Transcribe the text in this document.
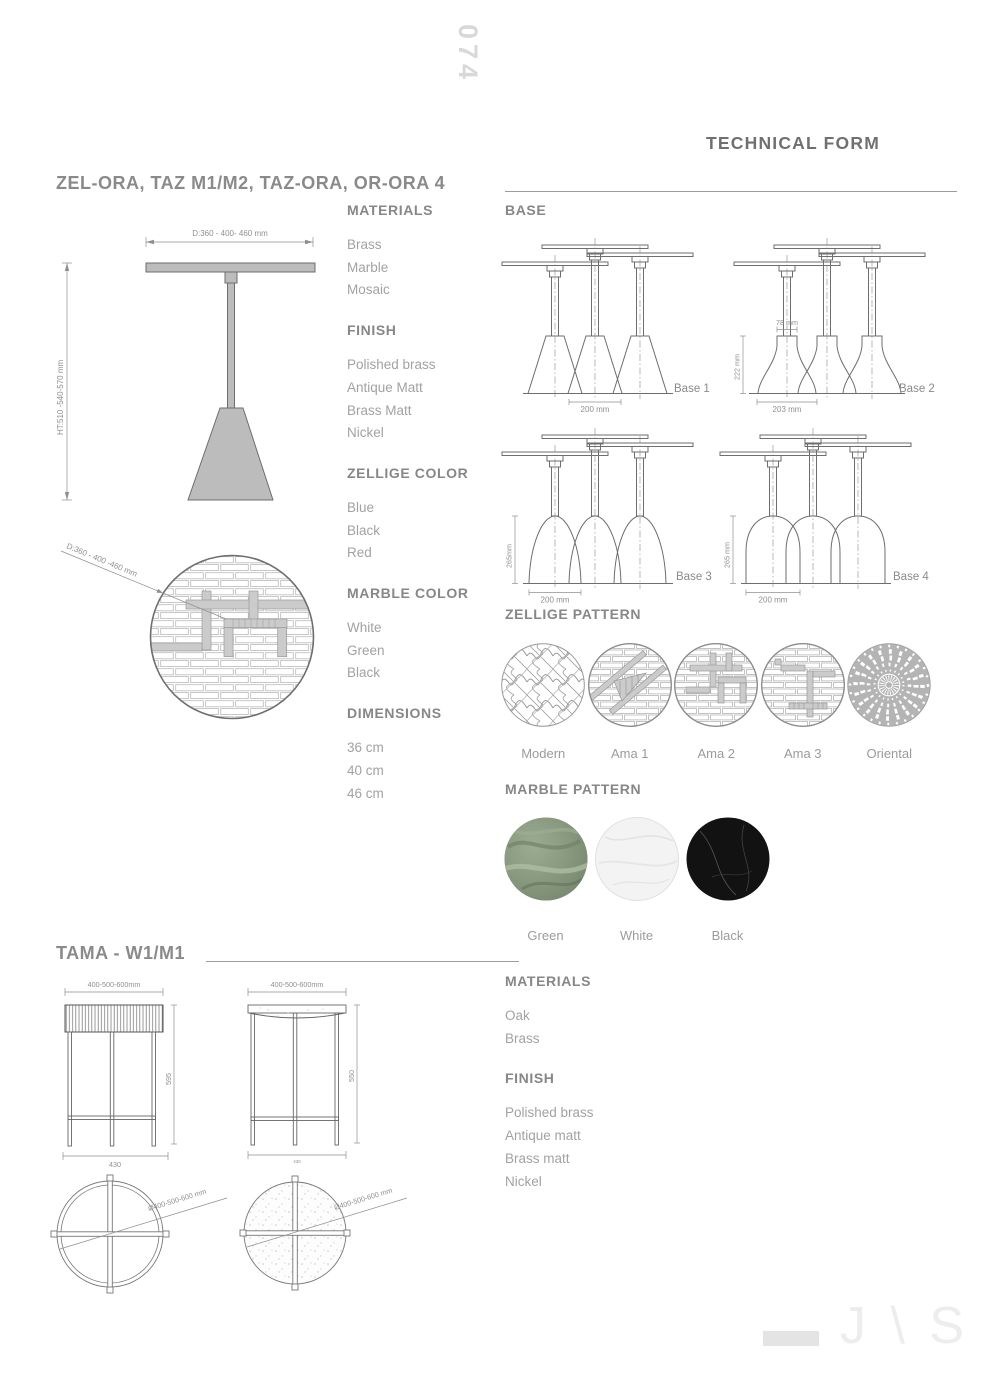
074
TECHNICAL FORM
ZEL-ORA, TAZ M1/M2, TAZ-ORA, OR-ORA 4
D:360 - 400- 460 mm
HT:510 -540-570 mm
D:360 - 400 -460 mm
MATERIALS
Brass
Marble
Mosaic
FINISH
Polished brass
Antique Matt
Brass Matt
Nickel
ZELLIGE COLOR
Blue
Black
Red
MARBLE COLOR
White
Green
Black
DIMENSIONS
36 cm
40 cm
46 cm
BASE
200 mm
Base 1
78 mm
222 mm
203 mm
Base 2
265mm
200 mm
Base 3
265 mm
200 mm
Base 4
ZELLIGE PATTERN
Modern	Ama 1	Ama 2	Ama 3	Oriental
MARBLE PATTERN
Green	White	Black
TAMA - W1/M1
400-500-600mm
595
430
400-500-600mm
550
430
Ø400-500-600 mm	Ø400-500-600 mm
MATERIALS
Oak
Brass
FINISH
Polished brass
Antique matt
Brass matt
Nickel
J \ S
